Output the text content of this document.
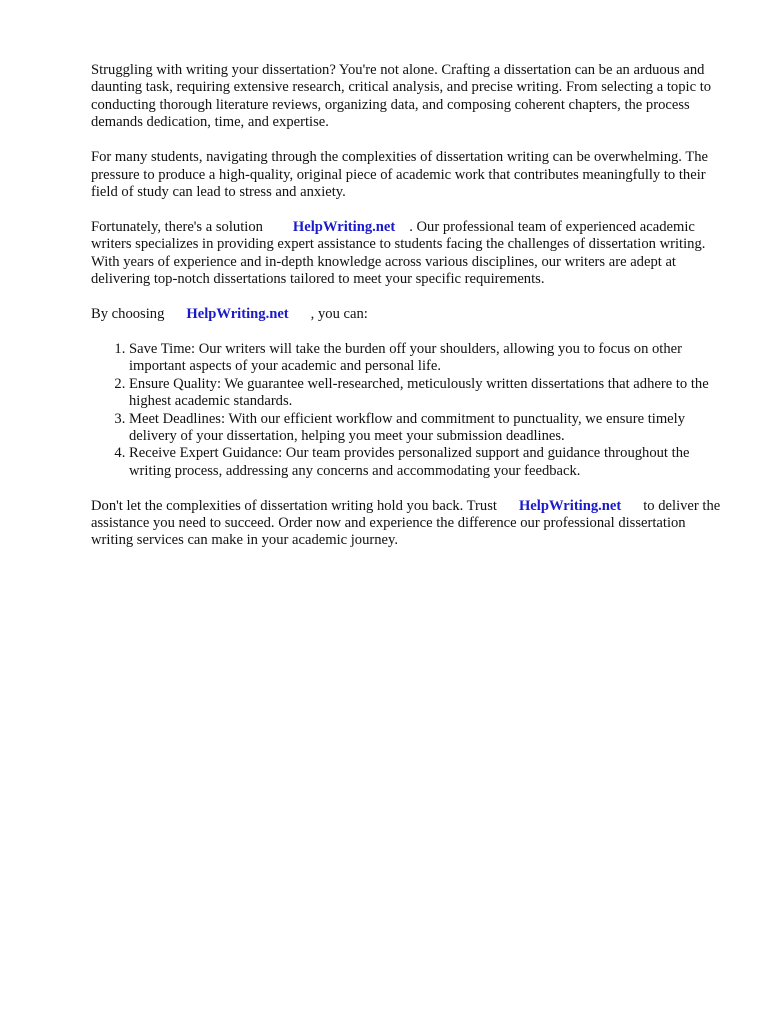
Struggling with writing your dissertation? You're not alone. Crafting a dissertation can be an arduous and daunting task, requiring extensive research, critical analysis, and precise writing. From selecting a topic to conducting thorough literature reviews, organizing data, and composing coherent chapters, the process demands dedication, time, and expertise.

For many students, navigating through the complexities of dissertation writing can be overwhelming. The pressure to produce a high-quality, original piece of academic work that contributes meaningfully to their field of study can lead to stress and anxiety.

Fortunately, there's a solution HelpWriting.net . Our professional team of experienced academic writers specializes in providing expert assistance to students facing the challenges of dissertation writing. With years of experience and in-depth knowledge across various disciplines, our writers are adept at delivering top-notch dissertations tailored to meet your specific requirements.

By choosing HelpWriting.net , you can:

1. Save Time: Our writers will take the burden off your shoulders, allowing you to focus on other important aspects of your academic and personal life.
2. Ensure Quality: We guarantee well-researched, meticulously written dissertations that adhere to the highest academic standards.
3. Meet Deadlines: With our efficient workflow and commitment to punctuality, we ensure timely delivery of your dissertation, helping you meet your submission deadlines.
4. Receive Expert Guidance: Our team provides personalized support and guidance throughout the writing process, addressing any concerns and accommodating your feedback.

Don't let the complexities of dissertation writing hold you back. Trust HelpWriting.net to deliver the assistance you need to succeed. Order now and experience the difference our professional dissertation writing services can make in your academic journey.
